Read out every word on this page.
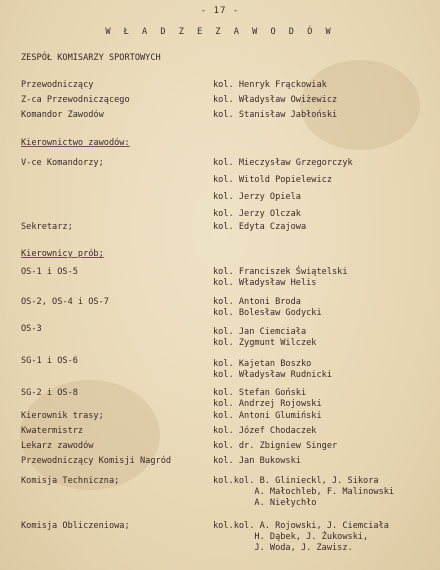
- 17 -
W Ł A D Z E Z A W O D Ó W
ZESPÓŁ KOMISARZY SPORTOWYCH
Przewodniczący	kol. Henryk Frąckowiak
Z-ca Przewodniczącego	kol. Władysław Owiżewicz
Komandor Zawodów	kol. Stanisław Jabłoński
Kierownictwo zawodów:
V-ce Komandorzy;	kol. Mieczysław Grzegorczyk
kol. Witold Popielewicz
kol. Jerzy Opiela
kol. Jerzy Olczak
Sekretarz;	kol. Edyta Czajowa
Kierownicy prób;
OS-1 i OS-5	kol. Franciszek Świątelski
kol. Władysław Helis
OS-2, OS-4 i OS-7	kol. Antoni Broda
kol. Bolesław Godycki
OS-3	kol. Jan Ciemciała
kol. Zygmunt Wilczek
SG-1 i OS-6	kol. Kajetan Boszko
kol. Władysław Rudnicki
SG-2 i OS-8	kol. Stefan Goński
kol. Andrzej Rojowski
Kierownik trasy;	kol. Antoni Glumiński
Kwatermistrz	kol. Józef Chodaczek
Lekarz zawodów	kol. dr. Zbigniew Singer
Przewodniczący Komisji Nagród	kol. Jan Bukowski
Komisja Techniczna;	kol.kol. B. Glinieckl, J. Sikora
A. Małochleb, F. Malinowski
A. Niełychło
Komisja Obliczeniowa;	kol.kol. A. Rojowski, J. Ciemciała
H. Dąbek, J. Żukowski,
J. Woda, J. Zawisz.
